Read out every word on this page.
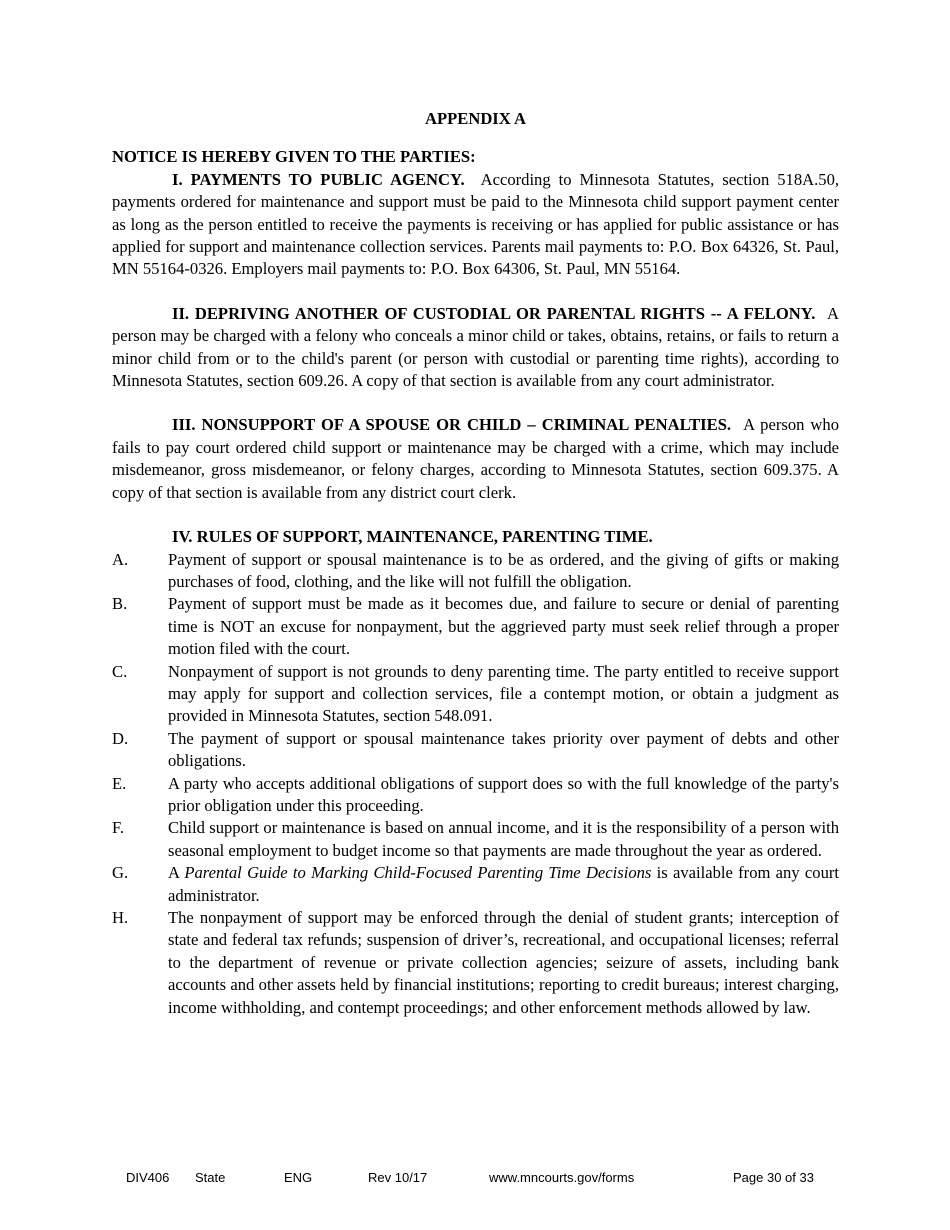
APPENDIX A

NOTICE IS HEREBY GIVEN TO THE PARTIES:

I. PAYMENTS TO PUBLIC AGENCY. According to Minnesota Statutes, section 518A.50, payments ordered for maintenance and support must be paid to the Minnesota child support payment center as long as the person entitled to receive the payments is receiving or has applied for public assistance or has applied for support and maintenance collection services. Parents mail payments to: P.O. Box 64326, St. Paul, MN 55164-0326. Employers mail payments to: P.O. Box 64306, St. Paul, MN 55164.

II. DEPRIVING ANOTHER OF CUSTODIAL OR PARENTAL RIGHTS -- A FELONY. A person may be charged with a felony who conceals a minor child or takes, obtains, retains, or fails to return a minor child from or to the child's parent (or person with custodial or parenting time rights), according to Minnesota Statutes, section 609.26. A copy of that section is available from any court administrator.

III. NONSUPPORT OF A SPOUSE OR CHILD – CRIMINAL PENALTIES. A person who fails to pay court ordered child support or maintenance may be charged with a crime, which may include misdemeanor, gross misdemeanor, or felony charges, according to Minnesota Statutes, section 609.375. A copy of that section is available from any district court clerk.

IV. RULES OF SUPPORT, MAINTENANCE, PARENTING TIME.

A.	Payment of support or spousal maintenance is to be as ordered, and the giving of gifts or making purchases of food, clothing, and the like will not fulfill the obligation.
B.	Payment of support must be made as it becomes due, and failure to secure or denial of parenting time is NOT an excuse for nonpayment, but the aggrieved party must seek relief through a proper motion filed with the court.
C.	Nonpayment of support is not grounds to deny parenting time. The party entitled to receive support may apply for support and collection services, file a contempt motion, or obtain a judgment as provided in Minnesota Statutes, section 548.091.
D.	The payment of support or spousal maintenance takes priority over payment of debts and other obligations.
E.	A party who accepts additional obligations of support does so with the full knowledge of the party's prior obligation under this proceeding.
F.	Child support or maintenance is based on annual income, and it is the responsibility of a person with seasonal employment to budget income so that payments are made throughout the year as ordered.
G.	A Parental Guide to Marking Child-Focused Parenting Time Decisions is available from any court administrator.
H.	The nonpayment of support may be enforced through the denial of student grants; interception of state and federal tax refunds; suspension of driver’s, recreational, and occupational licenses; referral to the department of revenue or private collection agencies; seizure of assets, including bank accounts and other assets held by financial institutions; reporting to credit bureaus; interest charging, income withholding, and contempt proceedings; and other enforcement methods allowed by law.
DIV406 State	ENG	Rev 10/17	www.mncourts.gov/forms	Page 30 of 33
